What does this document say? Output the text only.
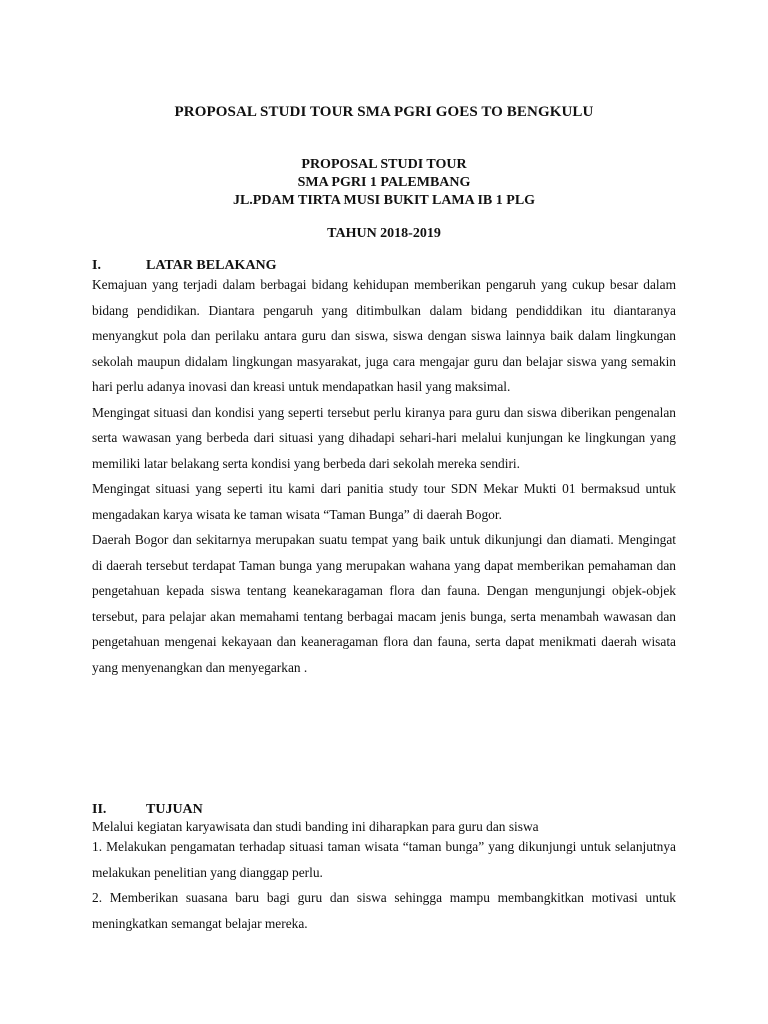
PROPOSAL STUDI TOUR SMA PGRI GOES TO BENGKULU
PROPOSAL STUDI TOUR
SMA PGRI 1 PALEMBANG
JL.PDAM TIRTA MUSI BUKIT LAMA IB 1 PLG
TAHUN 2018-2019
I.	LATAR BELAKANG

Kemajuan yang terjadi dalam berbagai bidang kehidupan memberikan pengaruh yang cukup besar dalam bidang pendidikan. Diantara pengaruh yang ditimbulkan dalam bidang pendiddikan itu diantaranya menyangkut pola dan perilaku antara guru dan siswa, siswa dengan siswa lainnya baik dalam lingkungan sekolah maupun didalam lingkungan masyarakat, juga cara mengajar guru dan belajar siswa yang semakin hari perlu adanya inovasi dan kreasi untuk mendapatkan hasil yang maksimal.

Mengingat situasi dan kondisi yang seperti tersebut perlu kiranya para guru dan siswa diberikan pengenalan serta wawasan yang berbeda dari situasi yang dihadapi sehari-hari melalui kunjungan ke lingkungan yang memiliki latar belakang serta kondisi yang berbeda dari sekolah mereka sendiri.

Mengingat situasi yang seperti itu kami dari panitia study tour SDN Mekar Mukti 01 bermaksud untuk mengadakan karya wisata ke taman wisata “Taman Bunga” di daerah Bogor.

Daerah Bogor dan sekitarnya merupakan suatu tempat yang baik untuk dikunjungi dan diamati. Mengingat di daerah tersebut terdapat Taman bunga yang merupakan wahana yang dapat memberikan pemahaman dan pengetahuan kepada siswa tentang keanekaragaman flora dan fauna. Dengan mengunjungi objek-objek tersebut, para pelajar akan memahami tentang berbagai macam jenis bunga, serta menambah wawasan dan pengetahuan mengenai kekayaan dan keaneragaman flora dan fauna, serta dapat menikmati daerah wisata yang menyenangkan dan menyegarkan .

II.	TUJUAN

Melalui kegiatan karyawisata dan studi banding ini diharapkan para guru dan siswa

1. Melakukan pengamatan terhadap situasi taman wisata “taman bunga” yang dikunjungi untuk selanjutnya melakukan penelitian yang dianggap perlu.

2. Memberikan suasana baru bagi guru dan siswa sehingga mampu membangkitkan motivasi untuk meningkatkan semangat belajar mereka.
